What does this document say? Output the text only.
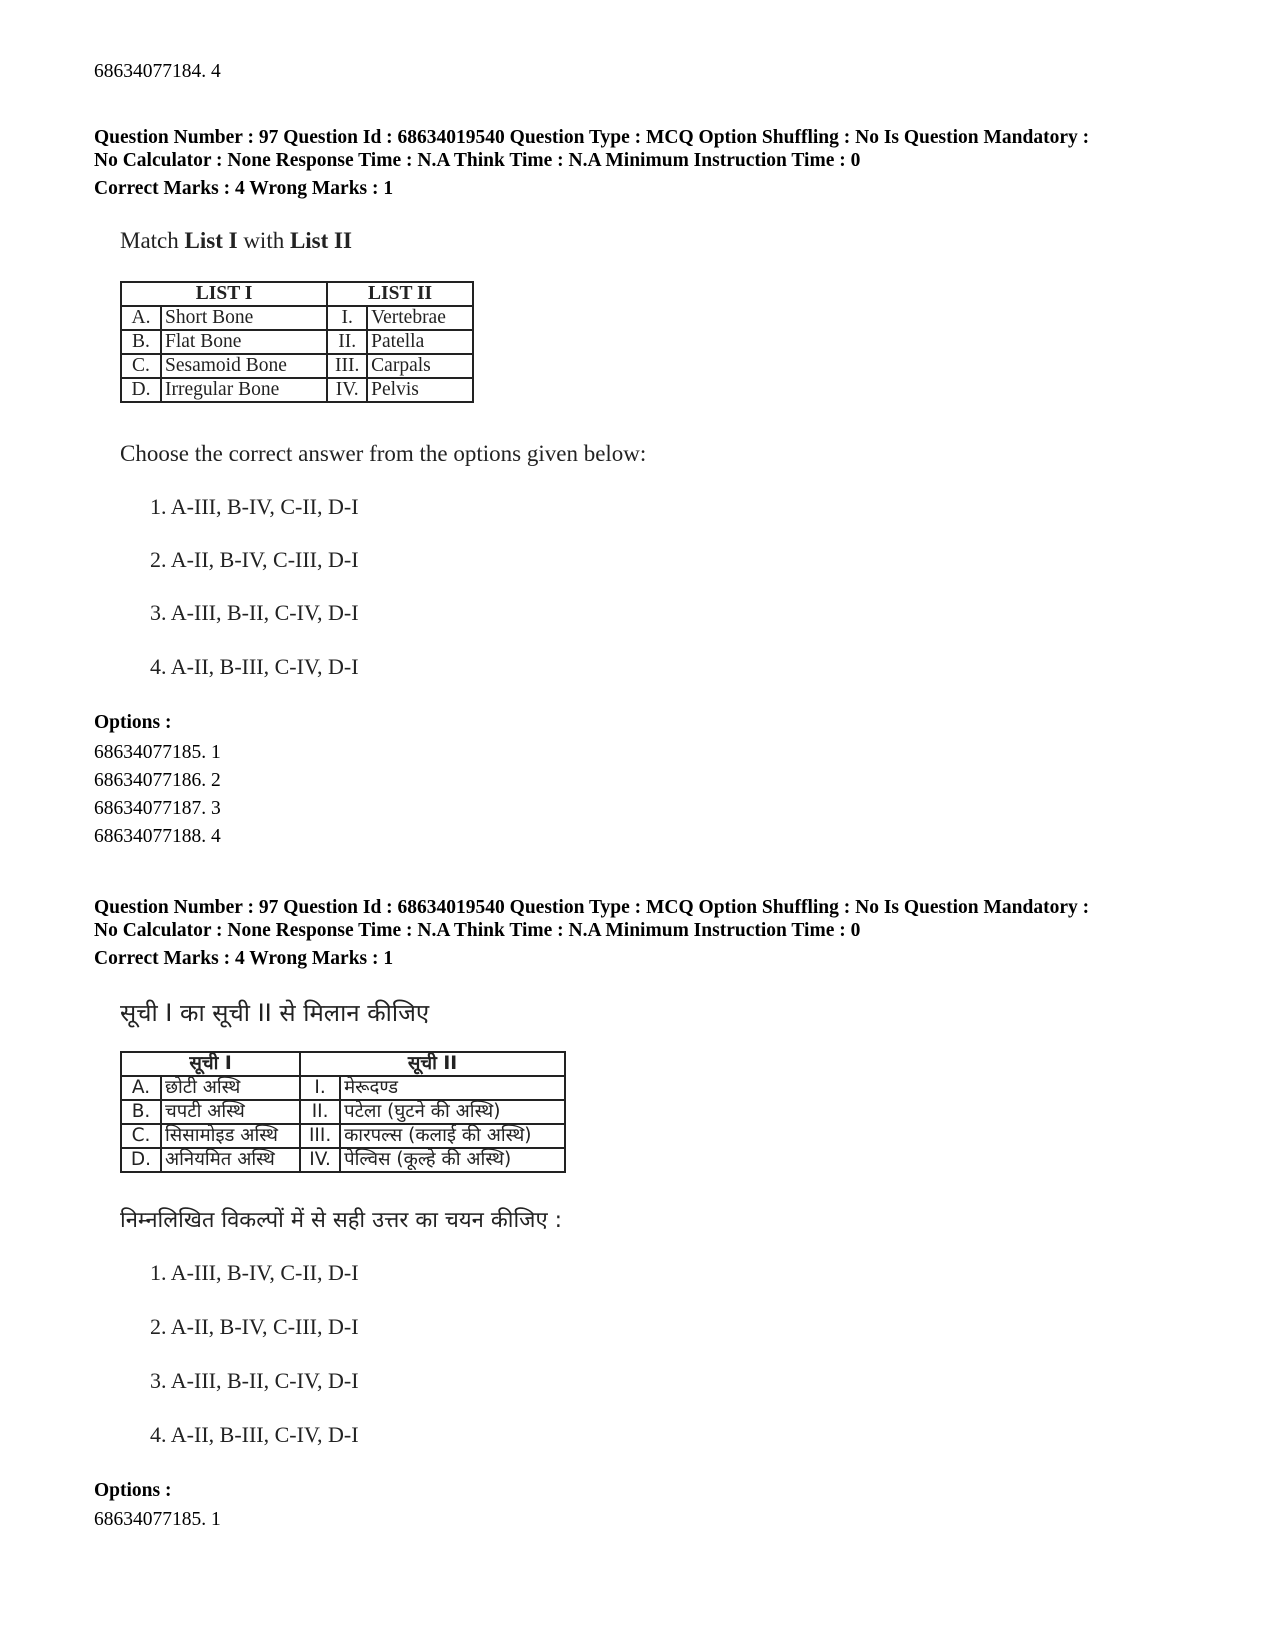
68634077184. 4
Question Number : 97 Question Id : 68634019540 Question Type : MCQ Option Shuffling : No Is Question Mandatory :
No Calculator : None Response Time : N.A Think Time : N.A Minimum Instruction Time : 0
Correct Marks : 4 Wrong Marks : 1
Match List I with List II
LIST I		LIST II	
A.	Short Bone	I.	Vertebrae
B.	Flat Bone	II.	Patella
C.	Sesamoid Bone	III.	Carpals
D.	Irregular Bone	IV.	Pelvis
Choose the correct answer from the options given below:
1. A-III, B-IV, C-II, D-I
2. A-II, B-IV, C-III, D-I
3. A-III, B-II, C-IV, D-I
4. A-II, B-III, C-IV, D-I
Options :
68634077185. 1
68634077186. 2
68634077187. 3
68634077188. 4
Question Number : 97 Question Id : 68634019540 Question Type : MCQ Option Shuffling : No Is Question Mandatory :
No Calculator : None Response Time : N.A Think Time : N.A Minimum Instruction Time : 0
Correct Marks : 4 Wrong Marks : 1
सूची I का सूची II से मिलान कीजिए
सूची I		सूची II	
A.	छोटी अस्थि	I.	मेरूदण्ड
B.	चपटी अस्थि	II.	पटेला (घुटने की अस्थि)
C.	सिसामोइड अस्थि	III.	कारपल्स (कलाई की अस्थि)
D.	अनियमित अस्थि	IV.	पेल्विस (कूल्हे की अस्थि)
निम्नलिखित विकल्पों में से सही उत्तर का चयन कीजिए :
1. A-III, B-IV, C-II, D-I
2. A-II, B-IV, C-III, D-I
3. A-III, B-II, C-IV, D-I
4. A-II, B-III, C-IV, D-I
Options :
68634077185. 1
